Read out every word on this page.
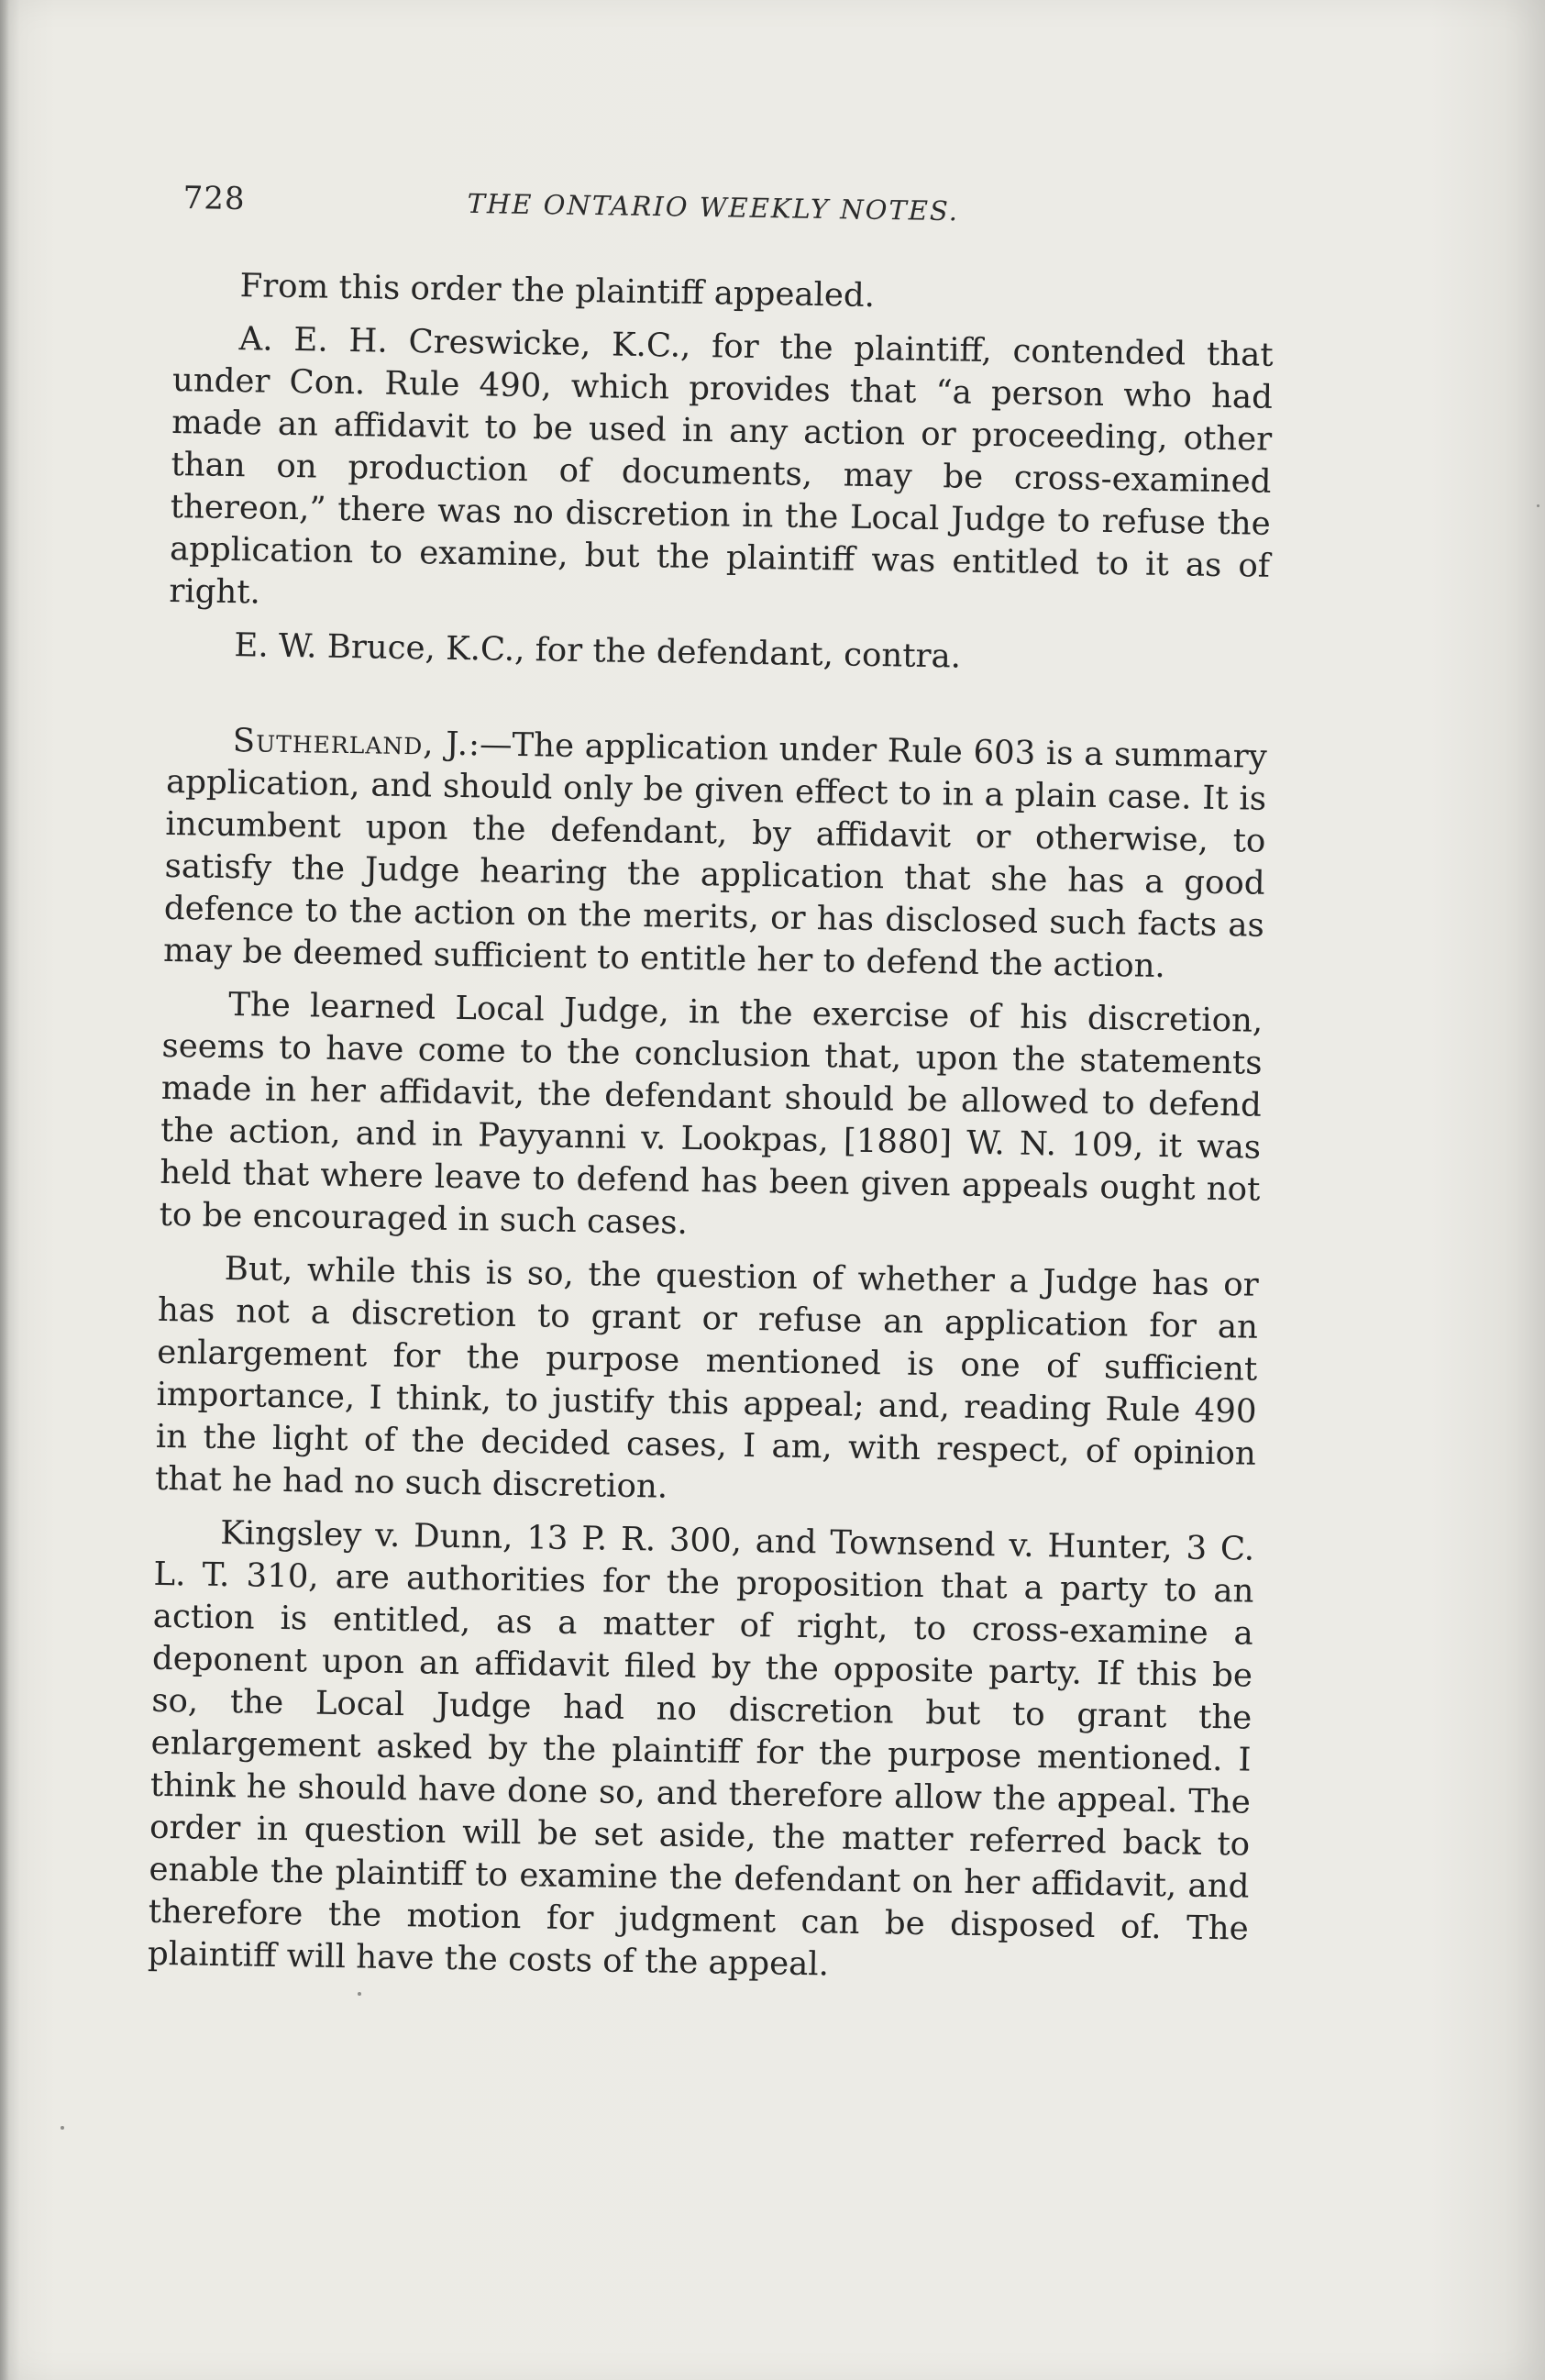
728	THE ONTARIO WEEKLY NOTES.

From this order the plaintiff appealed.

A. E. H. Creswicke, K.C., for the plaintiff, contended that under Con. Rule 490, which provides that “a person who had made an affidavit to be used in any action or proceeding, other than on production of documents, may be cross-examined thereon,” there was no discretion in the Local Judge to refuse the application to examine, but the plaintiff was entitled to it as of right.

E. W. Bruce, K.C., for the defendant, contra.

Sutherland, J.:—The application under Rule 603 is a summary application, and should only be given effect to in a plain case. It is incumbent upon the defendant, by affidavit or otherwise, to satisfy the Judge hearing the application that she has a good defence to the action on the merits, or has disclosed such facts as may be deemed sufficient to entitle her to defend the action.

The learned Local Judge, in the exercise of his discretion, seems to have come to the conclusion that, upon the statements made in her affidavit, the defendant should be allowed to defend the action, and in Payyanni v. Lookpas, [1880] W. N. 109, it was held that where leave to defend has been given appeals ought not to be encouraged in such cases.

But, while this is so, the question of whether a Judge has or has not a discretion to grant or refuse an application for an enlargement for the purpose mentioned is one of sufficient importance, I think, to justify this appeal; and, reading Rule 490 in the light of the decided cases, I am, with respect, of opinion that he had no such discretion.

Kingsley v. Dunn, 13 P. R. 300, and Townsend v. Hunter, 3 C. L. T. 310, are authorities for the proposition that a party to an action is entitled, as a matter of right, to cross-examine a deponent upon an affidavit filed by the opposite party. If this be so, the Local Judge had no discretion but to grant the enlargement asked by the plaintiff for the purpose mentioned. I think he should have done so, and therefore allow the appeal. The order in question will be set aside, the matter referred back to enable the plaintiff to examine the defendant on her affidavit, and therefore the motion for judgment can be disposed of. The plaintiff will have the costs of the appeal.
